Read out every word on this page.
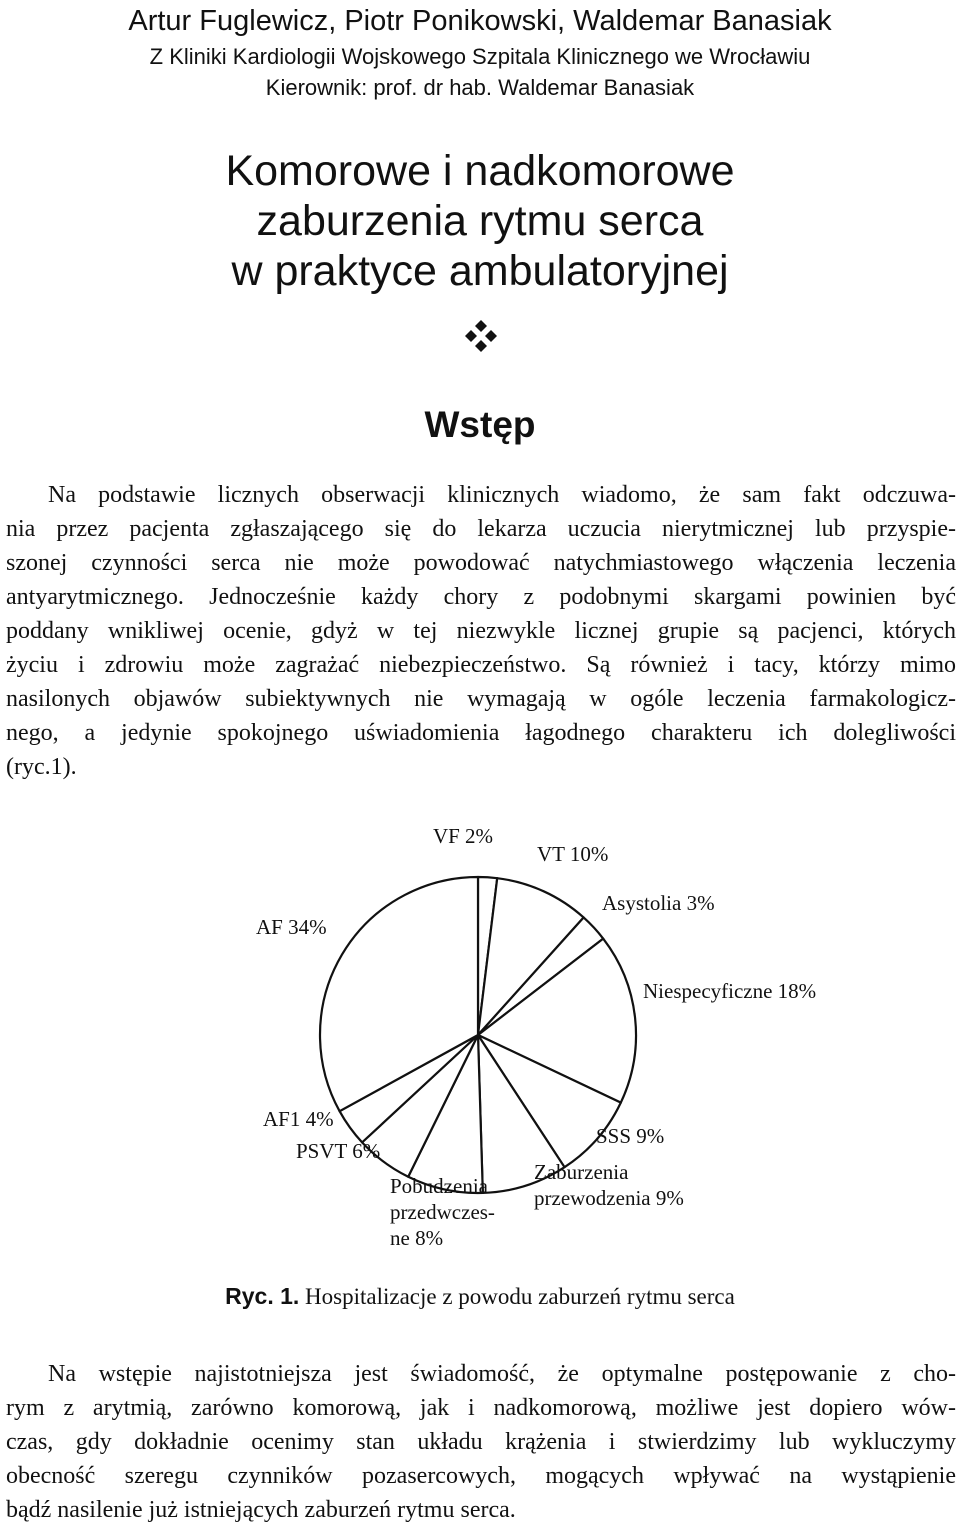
Artur Fuglewicz, Piotr Ponikowski, Waldemar Banasiak
Z Kliniki Kardiologii Wojskowego Szpitala Klinicznego we Wrocławiu
Kierownik: prof. dr hab. Waldemar Banasiak
Komorowe i nadkomorowe
zaburzenia rytmu serca
w praktyce ambulatoryjnej
Wstęp
Na podstawie licznych obserwacji klinicznych wiadomo, że sam fakt odczuwa-
nia przez pacjenta zgłaszającego się do lekarza uczucia nierytmicznej lub przyspie-
szonej czynności serca nie może powodować natychmiastowego włączenia leczenia
antyarytmicznego. Jednocześnie każdy chory z podobnymi skargami powinien być
poddany wnikliwej ocenie, gdyż w tej niezwykle licznej grupie są pacjenci, których
życiu i zdrowiu może zagrażać niebezpieczeństwo. Są również i tacy, którzy mimo
nasilonych objawów subiektywnych nie wymagają w ogóle leczenia farmakologicz-
nego, a jedynie spokojnego uświadomienia łagodnego charakteru ich dolegliwości
(ryc.1).
VF 2%
VT 10%
Asystolia 3%
Niespecyficzne 18%
SSS 9%
Zaburzenia przewodzenia 9%
Pobudzenia przedwczes-ne 8%
PSVT 6%
AF1 4%
AF 34%
Ryc. 1. Hospitalizacje z powodu zaburzeń rytmu serca
Na wstępie najistotniejsza jest świadomość, że optymalne postępowanie z cho-
rym z arytmią, zarówno komorową, jak i nadkomorową, możliwe jest dopiero wów-
czas, gdy dokładnie ocenimy stan układu krążenia i stwierdzimy lub wykluczymy
obecność szeregu czynników pozasercowych, mogących wpływać na wystąpienie
bądź nasilenie już istniejących zaburzeń rytmu serca.
